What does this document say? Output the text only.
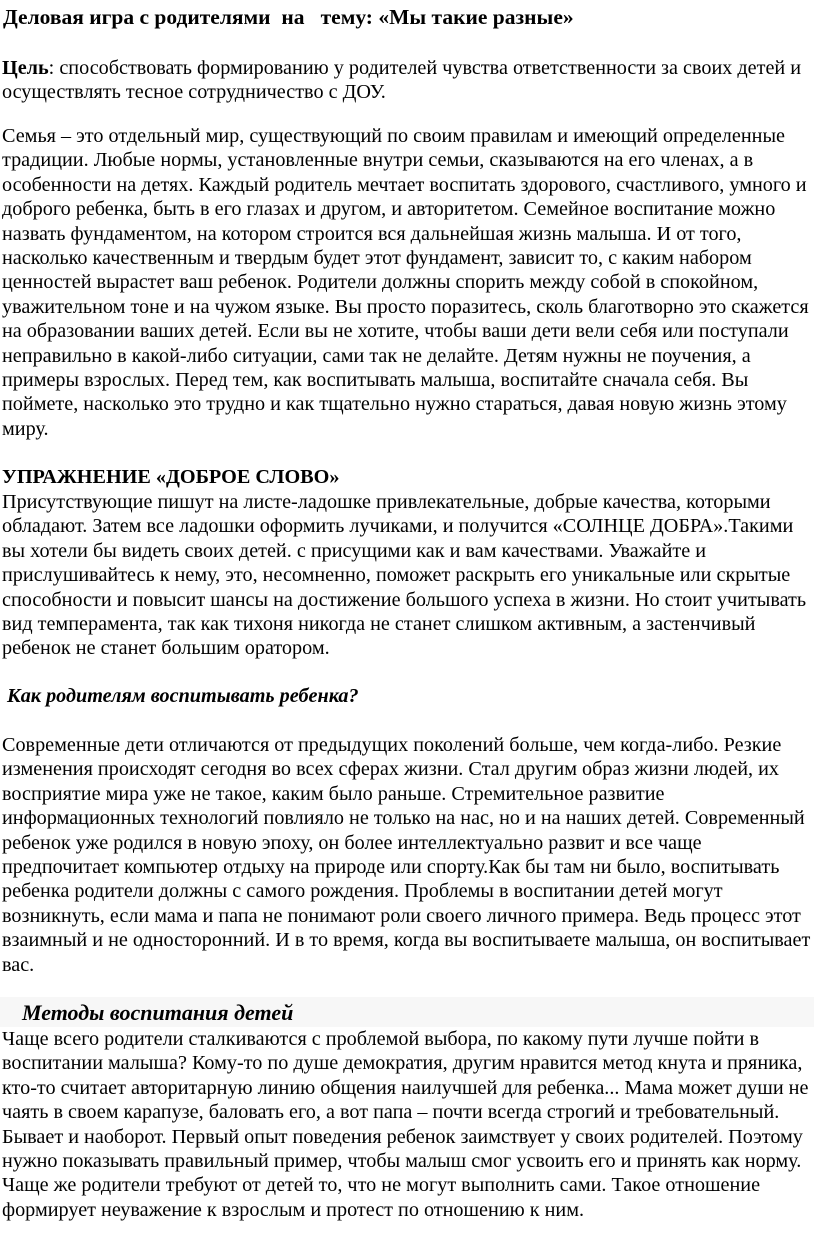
Деловая игра с родителями  на   тему: «Мы такие разные»

Цель: способствовать формированию у родителей чувства ответственности за своих детей и осуществлять тесное сотрудничество с ДОУ.

Семья – это отдельный мир, существующий по своим правилам и имеющий определенные традиции. Любые нормы, установленные внутри семьи, сказываются на его членах, а в особенности на детях. Каждый родитель мечтает воспитать здорового, счастливого, умного и доброго ребенка, быть в его глазах и другом, и авторитетом. Семейное воспитание можно назвать фундаментом, на котором строится вся дальнейшая жизнь малыша. И от того, насколько качественным и твердым будет этот фундамент, зависит то, с каким набором ценностей вырастет ваш ребенок. Родители должны спорить между собой в спокойном, уважительном тоне и на чужом языке. Вы просто поразитесь, сколь благотворно это скажется на образовании ваших детей. Если вы не хотите, чтобы ваши дети вели себя или поступали неправильно в какой-либо ситуации, сами так не делайте. Детям нужны не поучения, а примеры взрослых. Перед тем, как воспитывать малыша, воспитайте сначала себя. Вы поймете, насколько это трудно и как тщательно нужно стараться, давая новую жизнь этому миру.

УПРАЖНЕНИЕ «ДОБРОЕ СЛОВО»

Присутствующие пишут на листе-ладошке привлекательные, добрые качества, которыми обладают. Затем все ладошки оформить лучиками, и получится «СОЛНЦЕ ДОБРА».Такими вы хотели бы видеть своих детей. с присущими как и вам качествами. Уважайте и прислушивайтесь к нему, это, несомненно, поможет раскрыть его уникальные или скрытые способности и повысит шансы на достижение большого успеха в жизни. Но стоит учитывать вид темперамента, так как тихоня никогда не станет слишком активным, а застенчивый ребенок не станет большим оратором.

Как родителям воспитывать ребенка?

Современные дети отличаются от предыдущих поколений больше, чем когда-либо. Резкие изменения происходят сегодня во всех сферах жизни. Стал другим образ жизни людей, их восприятие мира уже не такое, каким было раньше. Стремительное развитие информационных технологий повлияло не только на нас, но и на наших детей. Современный ребенок уже родился в новую эпоху, он более интеллектуально развит и все чаще предпочитает компьютер отдыху на природе или спорту.Как бы там ни было, воспитывать ребенка родители должны с самого рождения. Проблемы в воспитании детей могут возникнуть, если мама и папа не понимают роли своего личного примера. Ведь процесс этот взаимный и не односторонний. И в то время, когда вы воспитываете малыша, он воспитывает вас.

Методы воспитания детей

Чаще всего родители сталкиваются с проблемой выбора, по какому пути лучше пойти в воспитании малыша? Кому-то по душе демократия, другим нравится метод кнута и пряника, кто-то считает авторитарную линию общения наилучшей для ребенка... Мама может души не чаять в своем карапузе, баловать его, а вот папа – почти всегда строгий и требовательный. Бывает и наоборот. Первый опыт поведения ребенок заимствует у своих родителей. Поэтому нужно показывать правильный пример, чтобы малыш смог усвоить его и принять как норму. Чаще же родители требуют от детей то, что не могут выполнить сами. Такое отношение формирует неуважение к взрослым и протест по отношению к ним.
